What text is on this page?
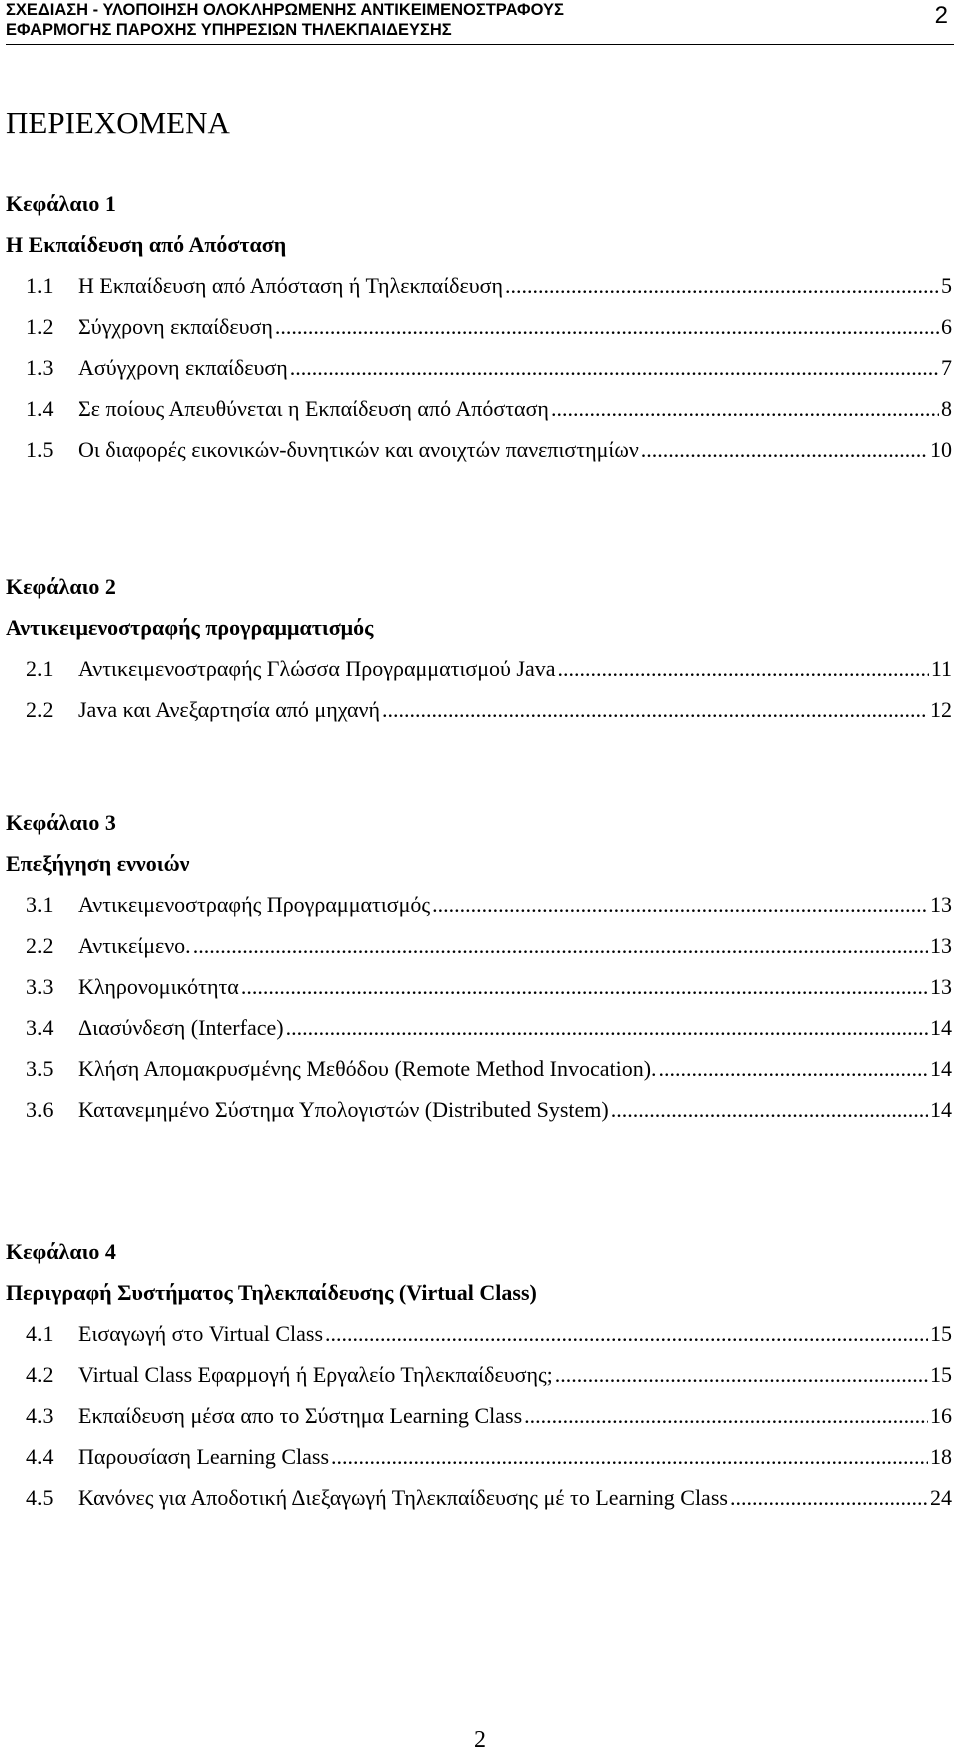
ΣΧΕΔΙΑΣΗ - ΥΛΟΠΟΙΗΣΗ ΟΛΟΚΛΗΡΩΜΕΝΗΣ ΑΝΤΙΚΕΙΜΕΝΟΣΤΡΑΦΟΥΣ
ΕΦΑΡΜΟΓΗΣ ΠΑΡΟΧΗΣ ΥΠΗΡΕΣΙΩΝ ΤΗΛΕΚΠΑΙΔΕΥΣΗΣ
2
ΠΕΡΙΕΧΟΜΕΝΑ
Κεφάλαιο 1
Η Εκπαίδευση από Απόσταση
1.1	Η Εκπαίδευση από Απόσταση ή Τηλεκπαίδευση .....	5
1.2	Σύγχρονη εκπαίδευση .....	6
1.3	Ασύγχρονη εκπαίδευση .....	7
1.4	Σε ποίους Απευθύνεται η Εκπαίδευση από Απόσταση .....	8
1.5	Οι διαφορές εικονικών-δυνητικών και ανοιχτών πανεπιστημίων .....	10
Κεφάλαιο 2
Αντικειμενοστραφής προγραμματισμός
2.1	Αντικειμενοστραφής Γλώσσα Προγραμματισμού Java .....	11
2.2	Java και Ανεξαρτησία από μηχανή .....	12
Κεφάλαιο 3
Επεξήγηση εννοιών
3.1	Αντικειμενοστραφής Προγραμματισμός .....	13
2.2	Αντικείμενο. .....	13
3.3	Κληρονομικότητα .....	13
3.4	Διασύνδεση (Interface) .....	14
3.5	Κλήση Απομακρυσμένης Μεθόδου (Remote Method Invocation). .....	14
3.6	Κατανεμημένο Σύστημα Υπολογιστών (Distributed System) .....	14
Κεφάλαιο 4
Περιγραφή Συστήματος Τηλεκπαίδευσης (Virtual Class)
4.1	Εισαγωγή στο Virtual Class .....	15
4.2	Virtual Class Εφαρμογή ή Εργαλείο Τηλεκπαίδευσης; .....	15
4.3	Εκπαίδευση μέσα απο το Σύστημα Learning Class .....	16
4.4	Παρουσίαση Learning Class .....	18
4.5	Κανόνες για Αποδοτική Διεξαγωγή Τηλεκπαίδευσης μέ το Learning Class .....	24
2
